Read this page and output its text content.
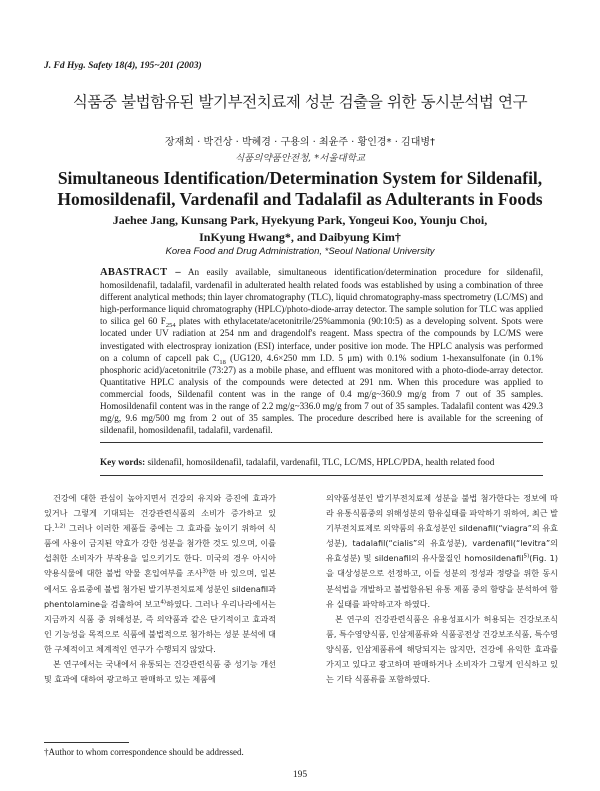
J. Fd Hyg. Safety 18(4), 195~201 (2003)
식품중 불법함유된 발기부전치료제 성분 검출을 위한 동시분석법 연구
장재희 · 박건상 · 박혜경 · 구용의 · 최윤주 · 황인경* · 김대병†
식품의약품안전청, *서울대학교
Simultaneous Identification/Determination System for Sildenafil, Homosildenafil, Vardenafil and Tadalafil as Adulterants in Foods
Jaehee Jang, Kunsang Park, Hyekyung Park, Yongeui Koo, Younju Choi,
InKyung Hwang*, and Daibyung Kim†
Korea Food and Drug Administration, *Seoul National University

ABASTRACT – An easily available, simultaneous identification/determination procedure for sildenafil, homosildenafil, tadalafil, vardenafil in adulterated health related foods was established by using a combination of three different analytical methods; thin layer chromatography (TLC), liquid chromatography-mass spectrometry (LC/MS) and high-performance liquid chromatography (HPLC)/photo-diode-array detector. The sample solution for TLC was applied to silica gel 60 $F_{254}$ plates with ethylacetate/acetonitrile/25%ammonia (90:10:5) as a developing solvent. Spots were located under UV radiation at 254 nm and dragendolf's reagent. Mass spectra of the compounds by LC/MS were investigated with electrospray ionization (ESI) interface, under positive ion mode. The HPLC analysis was performed on a column of capcell pak $C_{18}$ (UG120, 4.6×250 mm I.D. 5 μm) with 0.1% sodium 1-hexansulfonate (in 0.1% phosphoric acid)/acetonitrile (73:27) as a mobile phase, and effluent was monitored with a photo-diode-array detector. Quantitative HPLC analysis of the compounds were detected at 291 nm. When this procedure was applied to commercial foods, Sildenafil content was in the range of 0.4 mg/g~360.9 mg/g from 7 out of 35 samples. Homosildenafil content was in the range of 2.2 mg/g~336.0 mg/g from 7 out of 35 samples. Tadalafil content was 429.3 mg/g, 9.6 mg/500 mg from 2 out of 35 samples. The procedure described here is available for the screening of sildenafil, homosildenafil, tadalafil, vardenafil.

Key words: sildenafil, homosildenafil, tadalafil, vardenafil, TLC, LC/MS, HPLC/PDA, health related food

건강에 대한 관심이 높아지면서 건강의 유지와 증진에 효과가 있거나 그렇게 기대되는 건강관련식품의 소비가 증가하고 있다.$^{1,2)}$ 그러나 이러한 제품들 중에는 그 효과를 높이기 위하여 식품에 사용이 금지된 약효가 강한 성분을 첨가한 것도 있으며, 이를 섭취한 소비자가 부작용을 일으키기도 한다. 미국의 경우 아시아 약용식물에 대한 불법 약물 혼입여부를 조사$^{3)}$한 바 있으며, 일본에서도 음료중에 불법 첨가된 발기부전치료제 성분인 sildenafil과 phentolamine을 검출하여 보고$^{4)}$하였다. 그러나 우리나라에서는 지금까지 식품 중 위해성분, 즉 의약품과 같은 단기적이고 효과적인 기능성을 목적으로 식품에 불법적으로 첨가하는 성분 분석에 대한 구체적이고 체계적인 연구가 수행되지 않았다.

본 연구에서는 국내에서 유통되는 건강관련식품 중 성기능 개선 및 효과에 대하여 광고하고 판매하고 있는 제품에

의약품성분인 발기부전치료제 성분을 불법 첨가한다는 정보에 따라 유통식품중의 위해성분의 함유실태를 파악하기 위하여, 최근 발기부전치료제로 의약품의 유효성분인 sildenafil(“viagra”의 유효성분), tadalafil(“cialis”의 유효성분), vardenafil(“levitra”의 유효성분) 및 sildenafil의 유사물질인 homosildenafil$^{5)}$(Fig. 1)을 대상성분으로 선정하고, 이들 성분의 정성과 정량을 위한 동시분석법을 개발하고 불법함유된 유통 제품 중의 함량을 분석하여 함유 실태를 파악하고자 하였다.

본 연구의 건강관련식품은 유용성표시가 허용되는 건강보조식품, 특수영양식품, 인삼제품류와 식품공전상 건강보조식품, 특수영양식품, 인삼제품류에 해당되지는 않지만, 건강에 유익한 효과를 가지고 있다고 광고하며 판매하거나 소비자가 그렇게 인식하고 있는 기타 식품류를 포함하였다.

†Author to whom correspondence should be addressed.
195
